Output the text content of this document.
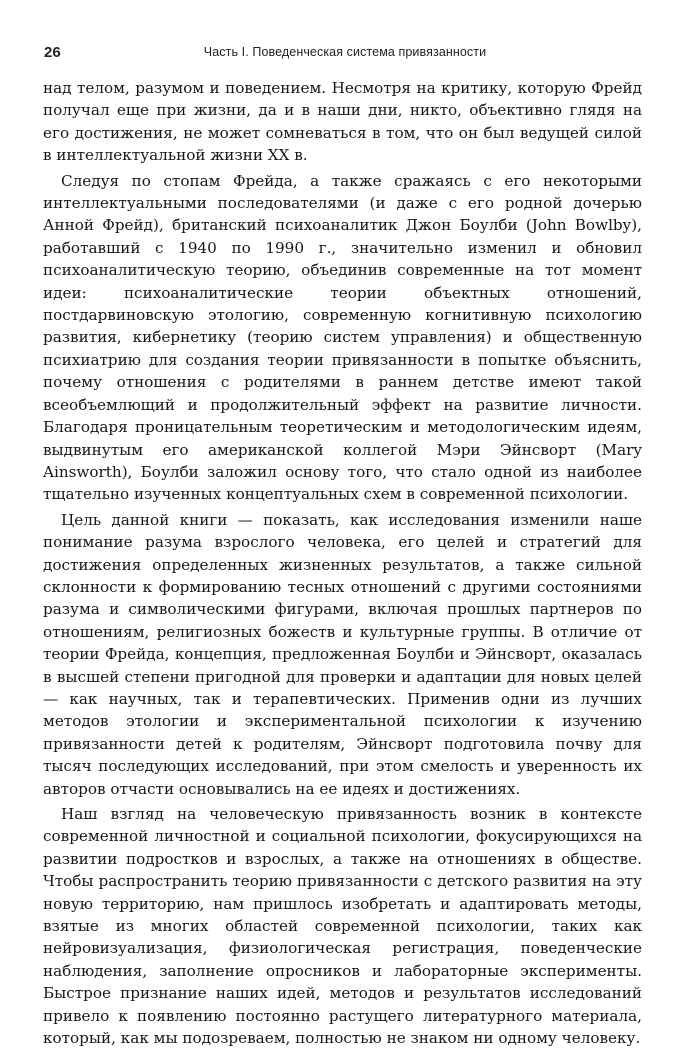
26	Часть I. Поведенческая система привязанности

над телом, разумом и поведением. Несмотря на критику, которую Фрейд получал еще при жизни, да и в наши дни, никто, объективно глядя на его достижения, не может сомневаться в том, что он был ведущей силой в интеллектуальной жизни XX в.

Следуя по стопам Фрейда, а также сражаясь с его некоторыми интеллектуальными последователями (и даже с его родной дочерью Анной Фрейд), британский психоаналитик Джон Боулби (John Bowlby), работавший с 1940 по 1990 г., значительно изменил и обновил психоаналитическую теорию, объединив современные на тот момент идеи: психоаналитические теории объектных отношений, постдарвиновскую этологию, современную когнитивную психологию развития, кибернетику (теорию систем управления) и общественную психиатрию для создания теории привязанности в попытке объяснить, почему отношения с родителями в раннем детстве имеют такой всеобъемлющий и продолжительный эффект на развитие личности. Благодаря проницательным теоретическим и методологическим идеям, выдвинутым его американской коллегой Мэри Эйнсворт (Mary Ainsworth), Боулби заложил основу того, что стало одной из наиболее тщательно изученных концептуальных схем в современной психологии.

Цель данной книги — показать, как исследования изменили наше понимание разума взрослого человека, его целей и стратегий для достижения определенных жизненных результатов, а также сильной склонности к формированию тесных отношений с другими состояниями разума и символическими фигурами, включая прошлых партнеров по отношениям, религиозных божеств и культурные группы. В отличие от теории Фрейда, концепция, предложенная Боулби и Эйнсворт, оказалась в высшей степени пригодной для проверки и адаптации для новых целей — как научных, так и терапевтических. Применив одни из лучших методов этологии и экспериментальной психологии к изучению привязанности детей к родителям, Эйнсворт подготовила почву для тысяч последующих исследований, при этом смелость и уверенность их авторов отчасти основывались на ее идеях и достижениях.

Наш взгляд на человеческую привязанность возник в контексте современной личностной и социальной психологии, фокусирующихся на развитии подростков и взрослых, а также на отношениях в обществе. Чтобы распространить теорию привязанности с детского развития на эту новую территорию, нам пришлось изобретать и адаптировать методы, взятые из многих областей современной психологии, таких как нейровизуализация, физиологическая регистрация, поведенческие наблюдения, заполнение опросников и лабораторные эксперименты. Быстрое признание наших идей, методов и результатов исследований привело к появлению постоянно растущего литературного материала, который, как мы подозреваем, полностью не знаком ни одному человеку.
